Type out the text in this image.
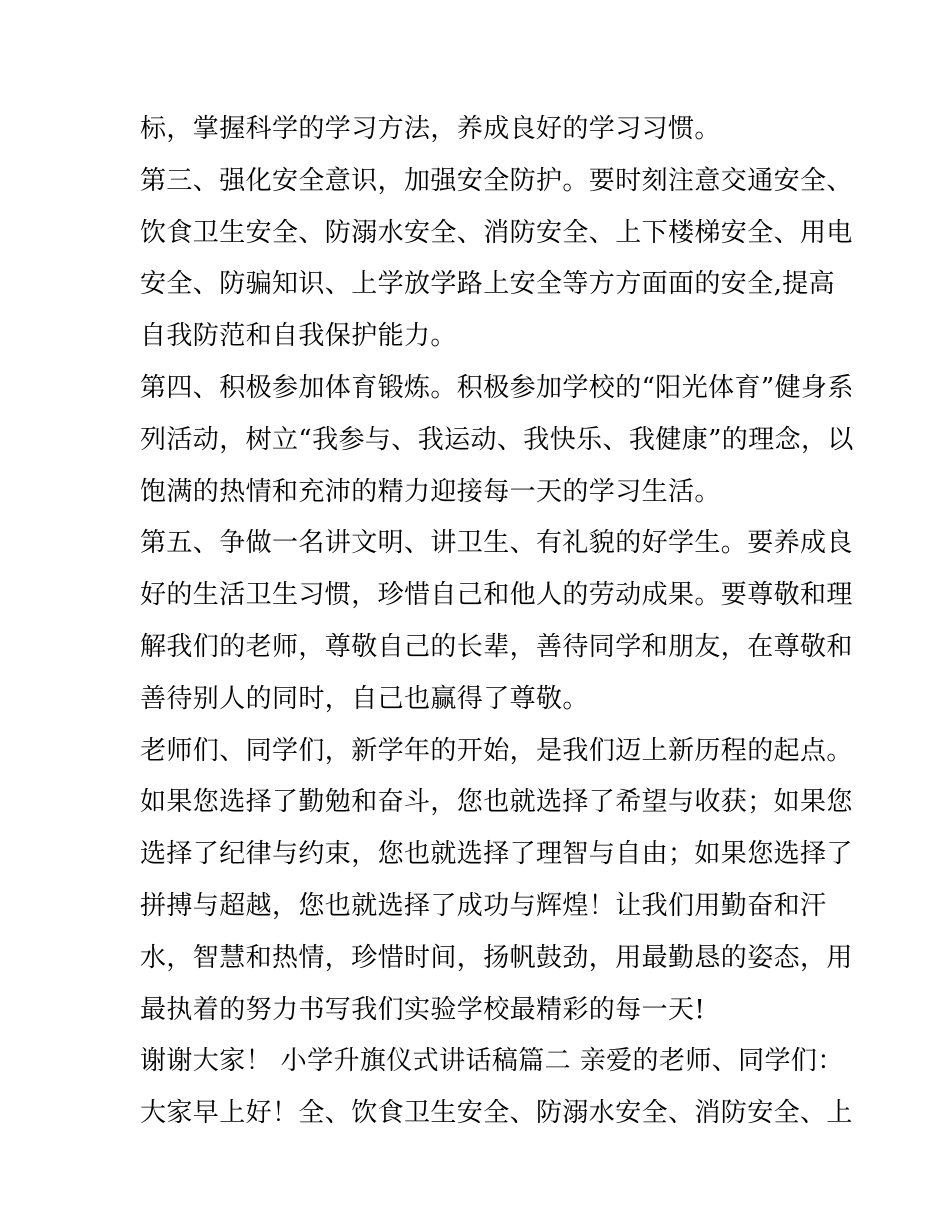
标，掌握科学的学习方法，养成良好的学习习惯。
第三、强化安全意识，加强安全防护。要时刻注意交通安全、
饮食卫生安全、防溺水安全、消防安全、上下楼梯安全、用电
安全、防骗知识、上学放学路上安全等方方面面的安全,提高
自我防范和自我保护能力。
第四、积极参加体育锻炼。积极参加学校的“阳光体育”健身系
列活动，树立“我参与、我运动、我快乐、我健康”的理念，以
饱满的热情和充沛的精力迎接每一天的学习生活。
第五、争做一名讲文明、讲卫生、有礼貌的好学生。要养成良
好的生活卫生习惯，珍惜自己和他人的劳动成果。要尊敬和理
解我们的老师，尊敬自己的长辈，善待同学和朋友，在尊敬和
善待别人的同时，自己也赢得了尊敬。
老师们、同学们，新学年的开始，是我们迈上新历程的起点。
如果您选择了勤勉和奋斗，您也就选择了希望与收获；如果您
选择了纪律与约束，您也就选择了理智与自由；如果您选择了
拼搏与超越，您也就选择了成功与辉煌！让我们用勤奋和汗
水，智慧和热情，珍惜时间，扬帆鼓劲，用最勤恳的姿态，用
最执着的努力书写我们实验学校最精彩的每一天!
谢谢大家！ 小学升旗仪式讲话稿篇二 亲爱的老师、同学们：
大家早上好！全、饮食卫生安全、防溺水安全、消防安全、上
